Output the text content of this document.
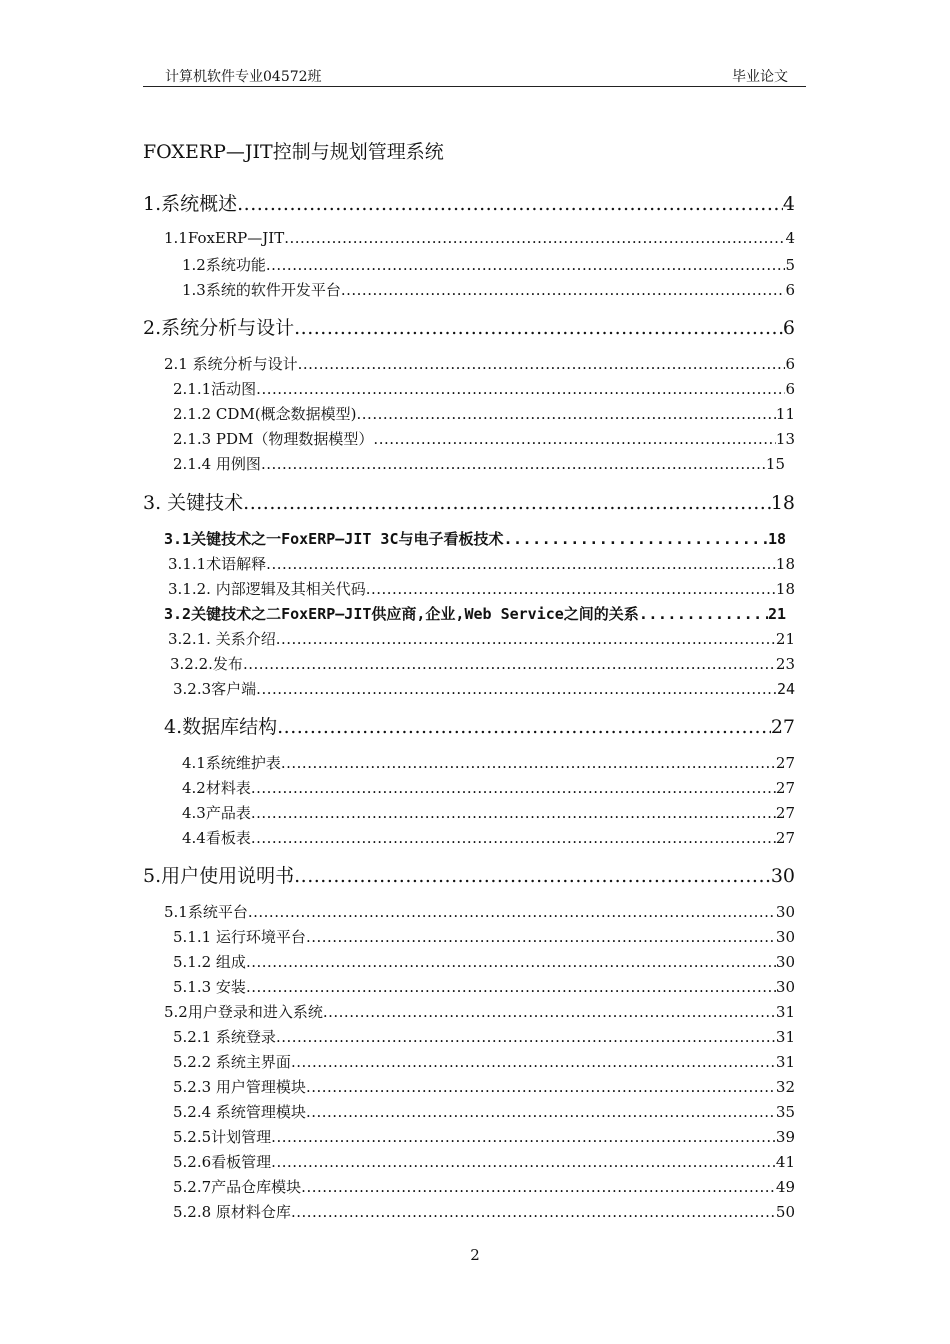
计算机软件专业04572班	毕业论文
FOXERP—JIT控制与规划管理系统
1.系统概述 .....	4
1.1FoxERP—JIT .....	4
1.2系统功能 .....	5
1.3系统的软件开发平台 .....	6
2.系统分析与设计 .....	6
2.1 系统分析与设计 .....	6
2.1.1活动图 .....	6
2.1.2 CDM(概念数据模型) .....	11
2.1.3 PDM（物理数据模型） .....	13
2.1.4 用例图 .....	15
3. 关键技术 .....	18
3.1关键技术之一FoxERP—JIT 3C与电子看板技术 .....	18
3.1.1术语解释 .....	18
3.1.2. 内部逻辑及其相关代码 .....	18
3.2关键技术之二FoxERP—JIT供应商,企业,Web Service之间的关系 .....	21
3.2.1. 关系介绍 .....	21
3.2.2.发布 .....	23
3.2.3客户端 .....	24
4.数据库结构 .....	27
4.1系统维护表 .....	27
4.2材料表 .....	27
4.3产品表 .....	27
4.4看板表 .....	27
5.用户使用说明书 .....	30
5.1系统平台 .....	30
5.1.1 运行环境平台 .....	30
5.1.2 组成 .....	30
5.1.3 安装 .....	30
5.2用户登录和进入系统 .....	31
5.2.1 系统登录 .....	31
5.2.2 系统主界面 .....	31
5.2.3 用户管理模块 .....	32
5.2.4 系统管理模块 .....	35
5.2.5计划管理 .....	39
5.2.6看板管理 .....	41
5.2.7产品仓库模块 .....	49
5.2.8 原材料仓库 .....	50
2
